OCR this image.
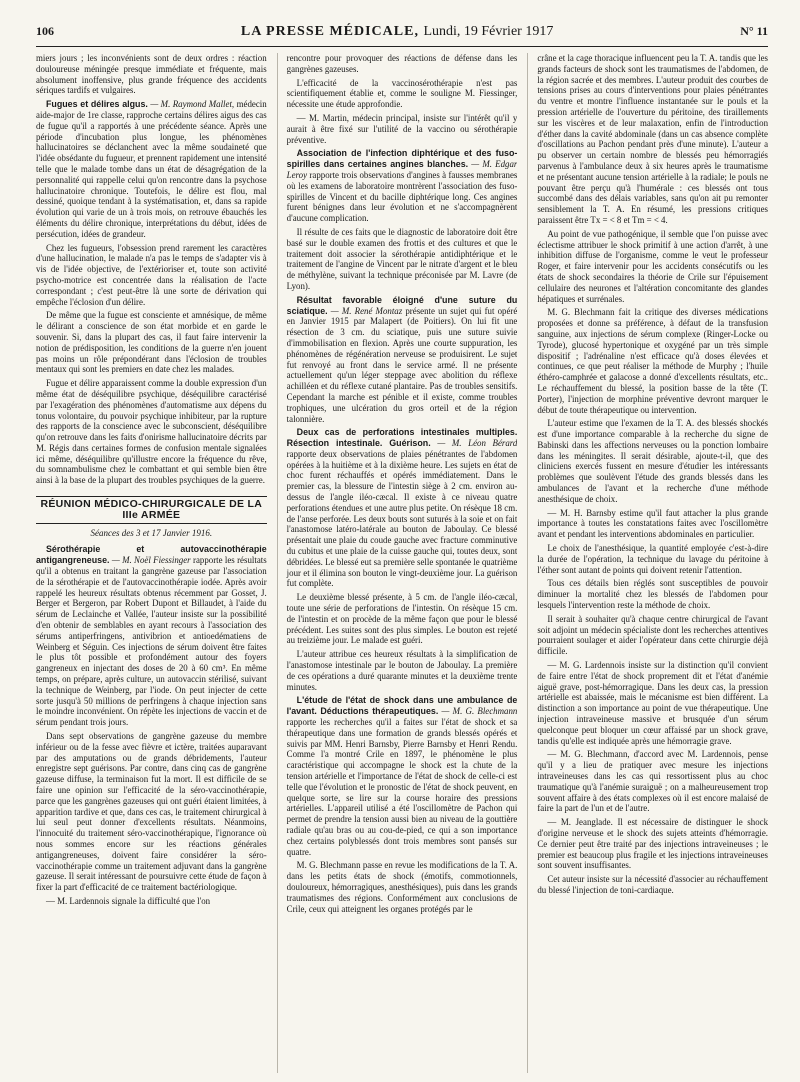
106	LA PRESSE MÉDICALE, Lundi, 19 Février 1917	N° 11

miers jours ; les inconvénients sont de deux ordres : réaction douloureuse méningée presque immédiate et fréquente, mais absolument inoffensive, plus grande fréquence des accidents sériques tardifs et vulgaires.

Fugues et délires algus. — M. Raymond Mallet, médecin aide-major de 1re classe, rapproche certains délires aigus des cas de fugue qu'il a rapportés à une précédente séance. Après une période d'incubation plus longue, les phénomènes hallucinatoires se déclanchent avec la même soudaineté que l'idée obsédante du fugueur, et prennent rapidement une intensité telle que le malade tombe dans un état de désagrégation de la personnalité qui rappelle celui qu'on rencontre dans la psychose hallucinatoire chronique. Toutefois, le délire est flou, mal dessiné, quoique tendant à la systématisation, et, dans sa rapide évolution qui varie de un à trois mois, on retrouve ébauchés les éléments du délire chronique, interprétations du début, idées de persécution, idées de grandeur.

Chez les fugueurs, l'obsession prend rarement les caractères d'une hallucination, le malade n'a pas le temps de s'adapter vis à vis de l'idée objective, de l'extérioriser et, toute son activité psycho-motrice est concentrée dans la réalisation de l'acte correspondant ; c'est peut-être là une sorte de dérivation qui empêche l'éclosion d'un délire.

De même que la fugue est consciente et amnésique, de même le délirant a conscience de son état morbide et en garde le souvenir. Si, dans la plupart des cas, il faut faire intervenir la notion de prédisposition, les conditions de la guerre n'en jouent pas moins un rôle prépondérant dans l'éclosion de troubles mentaux qui sont les premiers en date chez les malades.

Fugue et délire apparaissent comme la double expression d'un même état de déséquilibre psychique, déséquilibre caractérisé par l'exagération des phénomènes d'automatisme aux dépens du tonus volontaire, du pouvoir psychique inhibiteur, par la rupture des rapports de la conscience avec le subconscient, déséquilibre qu'on retrouve dans les faits d'onirisme hallucinatoire décrits par M. Régis dans certaines formes de confusion mentale signalées ici même, déséquilibre qu'illustre encore la fréquence du rêve, du somnambulisme chez le combattant et qui semble bien être ainsi à la base de la plupart des troubles psychiques de la guerre.

RÉUNION MÉDICO-CHIRURGICALE DE LA IIIe ARMÉE
Séances des 3 et 17 Janvier 1916.

Sérothérapie et autovaccinothérapie antigangreneuse. — M. Noël Fiessinger rapporte les résultats qu'il a obtenus en traitant la gangrène gazeuse par l'association de la sérothérapie et de l'autovaccinothérapie iodée. Après avoir rappelé les heureux résultats obtenus récemment par Gosset, J. Berger et Bergeron, par Robert Dupont et Billaudet, à l'aide du sérum de Leclainche et Vallée, l'auteur insiste sur la possibilité d'en obtenir de semblables en ayant recours à l'association des sérums antiperfringens, antivibrion et antioedématiens de Weinberg et Séguin. Ces injections de sérum doivent être faites le plus tôt possible et profondément autour des foyers gangreneux en injectant des doses de 20 à 60 cm³. En même temps, on prépare, après culture, un autovaccin stérilisé, suivant la technique de Weinberg, par l'iode. On peut injecter de cette sorte jusqu'à 50 millions de perfringens à chaque injection sans le moindre inconvénient. On répète les injections de vaccin et de sérum pendant trois jours.

Dans sept observations de gangrène gazeuse du membre inférieur ou de la fesse avec fièvre et ictère, traitées auparavant par des amputations ou de grands débridements, l'auteur enregistre sept guérisons. Par contre, dans cinq cas de gangrène gazeuse diffuse, la terminaison fut la mort. Il est difficile de se faire une opinion sur l'efficacité de la séro-vaccinothérapie, parce que les gangrènes gazeuses qui ont guéri étaient limitées, à apparition tardive et que, dans ces cas, le traitement chirurgical à lui seul peut donner d'excellents résultats. Néanmoins, l'innocuité du traitement séro-vaccinothérapique, l'ignorance où nous sommes encore sur les réactions générales antigangreneuses, doivent faire considérer la séro-vaccinothérapie comme un traitement adjuvant dans la gangrène gazeuse. Il serait intéressant de poursuivre cette étude de façon à fixer la part d'efficacité de ce traitement bactériologique.

— M. Lardennois signale la difficulté que l'on

rencontre pour provoquer des réactions de défense dans les gangrènes gazeuses.

L'efficacité de la vaccinosérothérapie n'est pas scientifiquement établie et, comme le souligne M. Fiessinger, nécessite une étude approfondie.

— M. Martin, médecin principal, insiste sur l'intérêt qu'il y aurait à être fixé sur l'utilité de la vaccino ou sérothérapie préventive.

Association de l'infection diphtérique et des fuso-spirilles dans certaines angines blanches. — M. Edgar Leroy rapporte trois observations d'angines à fausses membranes où les examens de laboratoire montrèrent l'association des fuso-spirilles de Vincent et du bacille diphtérique long. Ces angines furent bénignes dans leur évolution et ne s'accompagnèrent d'aucune complication.

Il résulte de ces faits que le diagnostic de laboratoire doit être basé sur le double examen des frottis et des cultures et que le traitement doit associer la sérothérapie antidiphtérique et le traitement de l'angine de Vincent par le nitrate d'argent et le bleu de méthylène, suivant la technique préconisée par M. Lavre (de Lyon).

Résultat favorable éloigné d'une suture du sciatique. — M. René Montaz présente un sujet qui fut opéré en Janvier 1915 par Malapert (de Poitiers). On lui fit une résection de 3 cm. du sciatique, puis une suture suivie d'immobilisation en flexion. Après une courte suppuration, les phénomènes de régénération nerveuse se produisirent. Le sujet fut renvoyé au front dans le service armé. Il ne présente actuellement qu'un léger steppage avec abolition du réflexe achilléen et du réflexe cutané plantaire. Pas de troubles sensitifs. Cependant la marche est pénible et il existe, comme troubles trophiques, une ulcération du gros orteil et de la région talonnière.

Deux cas de perforations intestinales multiples. Résection intestinale. Guérison. — M. Léon Bérard rapporte deux observations de plaies pénétrantes de l'abdomen opérées à la huitième et à la dixième heure. Les sujets en état de choc furent réchauffés et opérés immédiatement. Dans le premier cas, la blessure de l'intestin siège à 2 cm. environ au-dessus de l'angle iléo-cæcal. Il existe à ce niveau quatre perforations étendues et une autre plus petite. On résèque 18 cm. de l'anse perforée. Les deux bouts sont suturés à la soie et on fait l'anastomose latéro-latérale au bouton de Jaboulay. Ce blessé présentait une plaie du coude gauche avec fracture comminutive du cubitus et une plaie de la cuisse gauche qui, toutes deux, sont débridées. Le blessé eut sa première selle spontanée le quatrième jour et il élimina son bouton le vingt-deuxième jour. La guérison fut complète.

Le deuxième blessé présente, à 5 cm. de l'angle iléo-cæcal, toute une série de perforations de l'intestin. On résèque 15 cm. de l'intestin et on procède de la même façon que pour le blessé précédent. Les suites sont des plus simples. Le bouton est rejeté au treizième jour. Le malade est guéri.

L'auteur attribue ces heureux résultats à la simplification de l'anastomose intestinale par le bouton de Jaboulay. La première de ces opérations a duré quarante minutes et la deuxième trente minutes.

L'étude de l'état de shock dans une ambulance de l'avant. Déductions thérapeutiques. — M. G. Blechmann rapporte les recherches qu'il a faites sur l'état de shock et sa thérapeutique dans une formation de grands blessés opérés et suivis par MM. Henri Barnsby, Pierre Barnsby et Henri Rendu. Comme l'a montré Crile en 1897, le phénomène le plus caractéristique qui accompagne le shock est la chute de la tension artérielle et l'importance de l'état de shock de celle-ci est telle que l'évolution et le pronostic de l'état de shock peuvent, en quelque sorte, se lire sur la course horaire des pressions artérielles. L'appareil utilisé a été l'oscillomètre de Pachon qui permet de prendre la tension aussi bien au niveau de la gouttière radiale qu'au bras ou au cou-de-pied, ce qui a son importance chez certains polyblessés dont trois membres sont pansés sur quatre.

M. G. Blechmann passe en revue les modifications de la T. A. dans les petits états de shock (émotifs, commotionnels, douloureux, hémorragiques, anesthésiques), puis dans les grands traumatismes des régions. Conformément aux conclusions de Crile, ceux qui atteignent les organes protégés par le

crâne et la cage thoracique influencent peu la T. A. tandis que les grands facteurs de shock sont les traumatismes de l'abdomen, de la région sacrée et des membres. L'auteur produit des courbes de tensions prises au cours d'interventions pour plaies pénétrantes du ventre et montre l'influence instantanée sur le pouls et la pression artérielle de l'ouverture du péritoine, des tiraillements sur les viscères et de leur malaxation, enfin de l'introduction d'éther dans la cavité abdominale (dans un cas absence complète d'oscillations au Pachon pendant près d'une minute). L'auteur a pu observer un certain nombre de blessés peu hémorragiés parvenus à l'ambulance deux à six heures après le traumatisme et ne présentant aucune tension artérielle à la radiale; le pouls ne pouvant être perçu qu'à l'humérale : ces blessés ont tous succombé dans des délais variables, sans qu'on ait pu remonter sensiblement la T. A. En résumé, les pressions critiques paraissent être Tx = < 8 et Tm = < 4.

Au point de vue pathogénique, il semble que l'on puisse avec éclectisme attribuer le shock primitif à une action d'arrêt, à une inhibition diffuse de l'organisme, comme le veut le professeur Roger, et faire intervenir pour les accidents consécutifs ou les états de shock secondaires la théorie de Crile sur l'épuisement cellulaire des neurones et l'altération concomitante des glandes hépatiques et surrénales.

M. G. Blechmann fait la critique des diverses médications proposées et donne sa préférence, à défaut de la transfusion sanguine, aux injections de sérum complexe (Ringer-Locke ou Tyrode), glucosé hypertonique et oxygéné par un très simple dispositif ; l'adrénaline n'est efficace qu'à doses élevées et continues, ce que peut réaliser la méthode de Murphy ; l'huile éthéro-camphrée et galacose a donné d'excellents résultats, etc.. Le réchauffement du blessé, la position basse de la tête (T. Porter), l'injection de morphine préventive devront marquer le début de toute thérapeutique ou intervention.

L'auteur estime que l'examen de la T. A. des blessés shockés est d'une importance comparable à la recherche du signe de Babinski dans les affections nerveuses ou la ponction lombaire dans les méningites. Il serait désirable, ajoute-t-il, que des cliniciens exercés fussent en mesure d'étudier les intéressants problèmes que soulèvent l'étude des grands blessés dans les ambulances de l'avant et la recherche d'une méthode anesthésique de choix.

— M. H. Barnsby estime qu'il faut attacher la plus grande importance à toutes les constatations faites avec l'oscillomètre avant et pendant les interventions abdominales en particulier.

Le choix de l'anesthésique, la quantité employée c'est-à-dire la durée de l'opération, la technique du lavage du péritoine à l'éther sont autant de points qui doivent retenir l'attention.

Tous ces détails bien réglés sont susceptibles de pouvoir diminuer la mortalité chez les blessés de l'abdomen pour lesquels l'intervention reste la méthode de choix.

Il serait à souhaiter qu'à chaque centre chirurgical de l'avant soit adjoint un médecin spécialiste dont les recherches attentives pourraient soulager et aider l'opérateur dans cette chirurgie déjà difficile.

— M. G. Lardennois insiste sur la distinction qu'il convient de faire entre l'état de shock proprement dit et l'état d'anémie aiguë grave, post-hémorragique. Dans les deux cas, la pression artérielle est abaissée, mais le mécanisme est bien différent. La distinction a son importance au point de vue thérapeutique. Une injection intraveineuse massive et brusquée d'un sérum quelconque peut bloquer un cœur affaissé par un shock grave, tandis qu'elle est indiquée après une hémorragie grave.

— M. G. Blechmann, d'accord avec M. Lardennois, pense qu'il y a lieu de pratiquer avec mesure les injections intraveineuses dans les cas qui ressortissent plus au choc traumatique qu'à l'anémie suraiguë ; on a malheureusement trop souvent affaire à des états complexes où il est encore malaisé de faire la part de l'un et de l'autre.

— M. Jeanglade. Il est nécessaire de distinguer le shock d'origine nerveuse et le shock des sujets atteints d'hémorragie. Ce dernier peut être traité par des injections intraveineuses ; le premier est beaucoup plus fragile et les injections intraveineuses sont souvent insuffisantes.

Cet auteur insiste sur la nécessité d'associer au réchauffement du blessé l'injection de toni-cardiaque.
